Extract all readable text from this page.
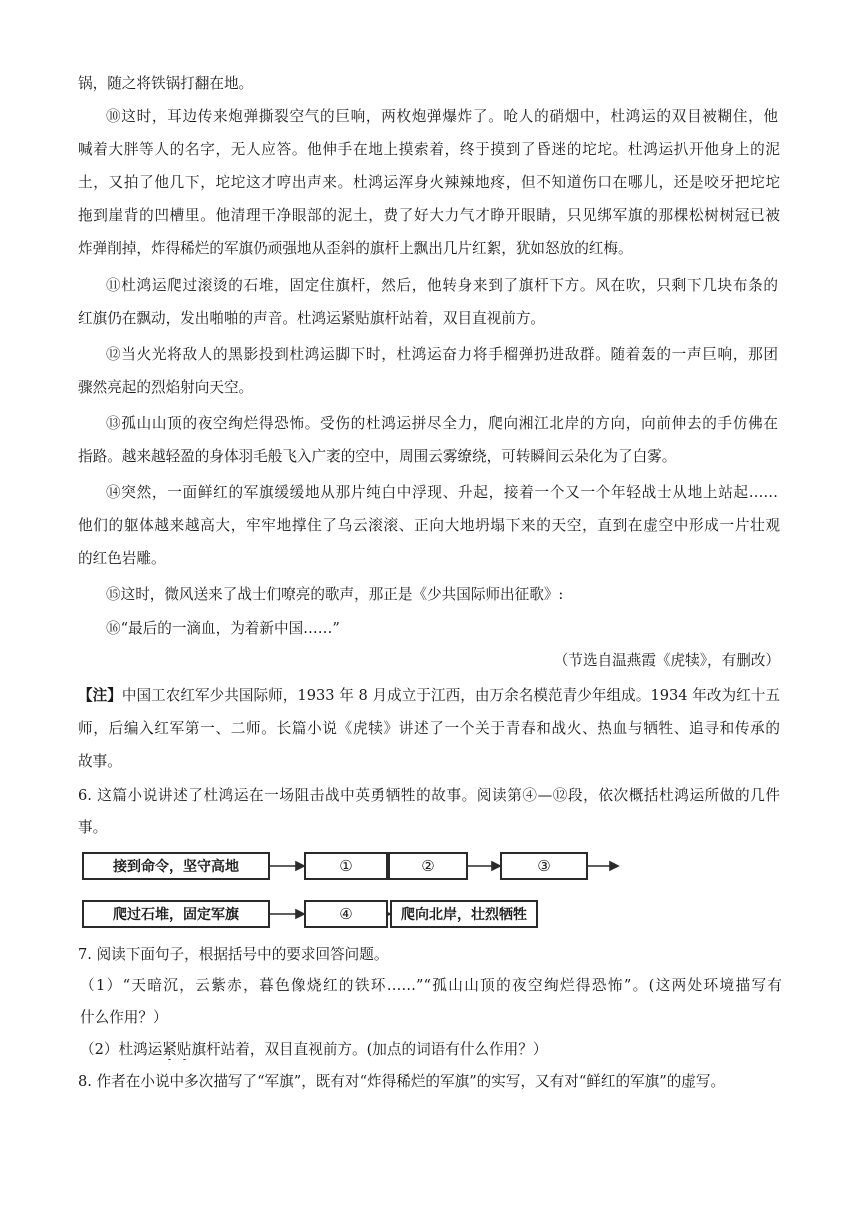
锅，随之将铁锅打翻在地。
⑩这时，耳边传来炮弹撕裂空气的巨响，两枚炮弹爆炸了。呛人的硝烟中，杜鸿运的双目被糊住，他
喊着大胖等人的名字，无人应答。他伸手在地上摸索着，终于摸到了昏迷的坨坨。杜鸿运扒开他身上的泥
土，又拍了他几下，坨坨这才哼出声来。杜鸿运浑身火辣辣地疼，但不知道伤口在哪儿，还是咬牙把坨坨
拖到崖背的凹槽里。他清理干净眼部的泥土，费了好大力气才睁开眼睛，只见绑军旗的那棵松树树冠已被
炸弹削掉，炸得稀烂的军旗仍顽强地从歪斜的旗杆上飘出几片红絮，犹如怒放的红梅。
⑪杜鸿运爬过滚烫的石堆，固定住旗杆，然后，他转身来到了旗杆下方。风在吹，只剩下几块布条的
红旗仍在飘动，发出啪啪的声音。杜鸿运紧贴旗杆站着，双目直视前方。
⑫当火光将敌人的黑影投到杜鸿运脚下时，杜鸿运奋力将手榴弹扔进敌群。随着轰的一声巨响，那团
骤然亮起的烈焰射向天空。
⑬孤山山顶的夜空绚烂得恐怖。受伤的杜鸿运拼尽全力，爬向湘江北岸的方向，向前伸去的手仿佛在
指路。越来越轻盈的身体羽毛般飞入广袤的空中，周围云雾缭绕，可转瞬间云朵化为了白雾。
⑭突然，一面鲜红的军旗缓缓地从那片纯白中浮现、升起，接着一个又一个年轻战士从地上站起……
他们的躯体越来越高大，牢牢地撑住了乌云滚滚、正向大地坍塌下来的天空，直到在虚空中形成一片壮观
的红色岩雕。
⑮这时，微风送来了战士们嘹亮的歌声，那正是《少共国际师出征歌》:
⑯“最后的一滴血，为着新中国……”
（节选自温燕霞《虎犊》，有删改）
【注】中国工农红军少共国际师，1933 年 8 月成立于江西，由万余名模范青少年组成。1934 年改为红十五
师，后编入红军第一、二师。长篇小说《虎犊》讲述了一个关于青春和战火、热血与牺牲、追寻和传承的
故事。
6. 这篇小说讲述了杜鸿运在一场阻击战中英勇牺牲的故事。阅读第④—⑫段，依次概括杜鸿运所做的几件
事。
接到命令，坚守高地	①	②	③
爬过石堆，固定军旗	④	爬向北岸，壮烈牺牲
7. 阅读下面句子，根据括号中的要求回答问题。
（1）“天暗沉，云紫赤，暮色像烧红的铁环……”“孤山山顶的夜空绚烂得恐怖”。(这两处环境描写有
什么作用？）
（2）杜鸿运紧贴旗杆站着，双目直视前方。(加点的词语有什么作用？）
8. 作者在小说中多次描写了“军旗”，既有对“炸得稀烂的军旗”的实写，又有对“鲜红的军旗”的虚写。
